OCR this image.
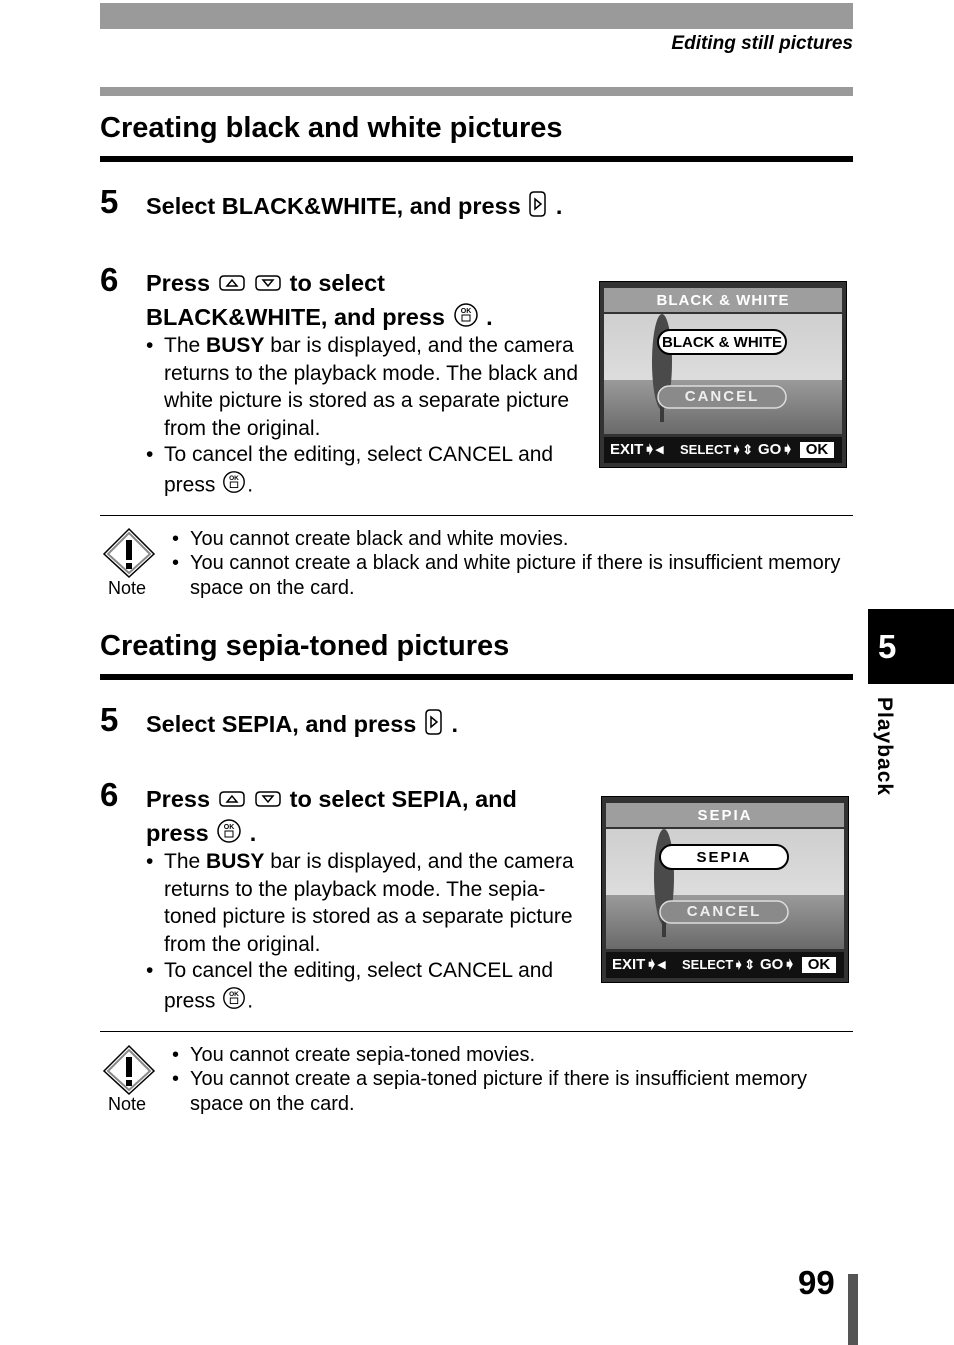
Editing still pictures
Creating black and white pictures
5 Select BLACK&WHITE, and press .
6 Press	to select
BLACK&WHITE, and press OK .
• The BUSY bar is displayed, and the camera returns to the playback mode. The black and white picture is stored as a separate picture from the original.
• To cancel the editing, select CANCEL and press OK .
BLACK & WHITE
BLACK & WHITE
CANCEL
EXIT➧◂ SELECT➧⇕ GO➧ OK
Note
• You cannot create black and white movies.
• You cannot create a black and white picture if there is insufficient memory space on the card.
Creating sepia-toned pictures
5 Select SEPIA, and press .
6 Press	to select SEPIA, and
press OK .
• The BUSY bar is displayed, and the camera returns to the playback mode. The sepia-toned picture is stored as a separate picture from the original.
• To cancel the editing, select CANCEL and press OK .
SEPIA
SEPIA
CANCEL
EXIT➧◂ SELECT➧⇕ GO➧ OK
Note
• You cannot create sepia-toned movies.
• You cannot create a sepia-toned picture if there is insufficient memory space on the card.
5
Playback
99
